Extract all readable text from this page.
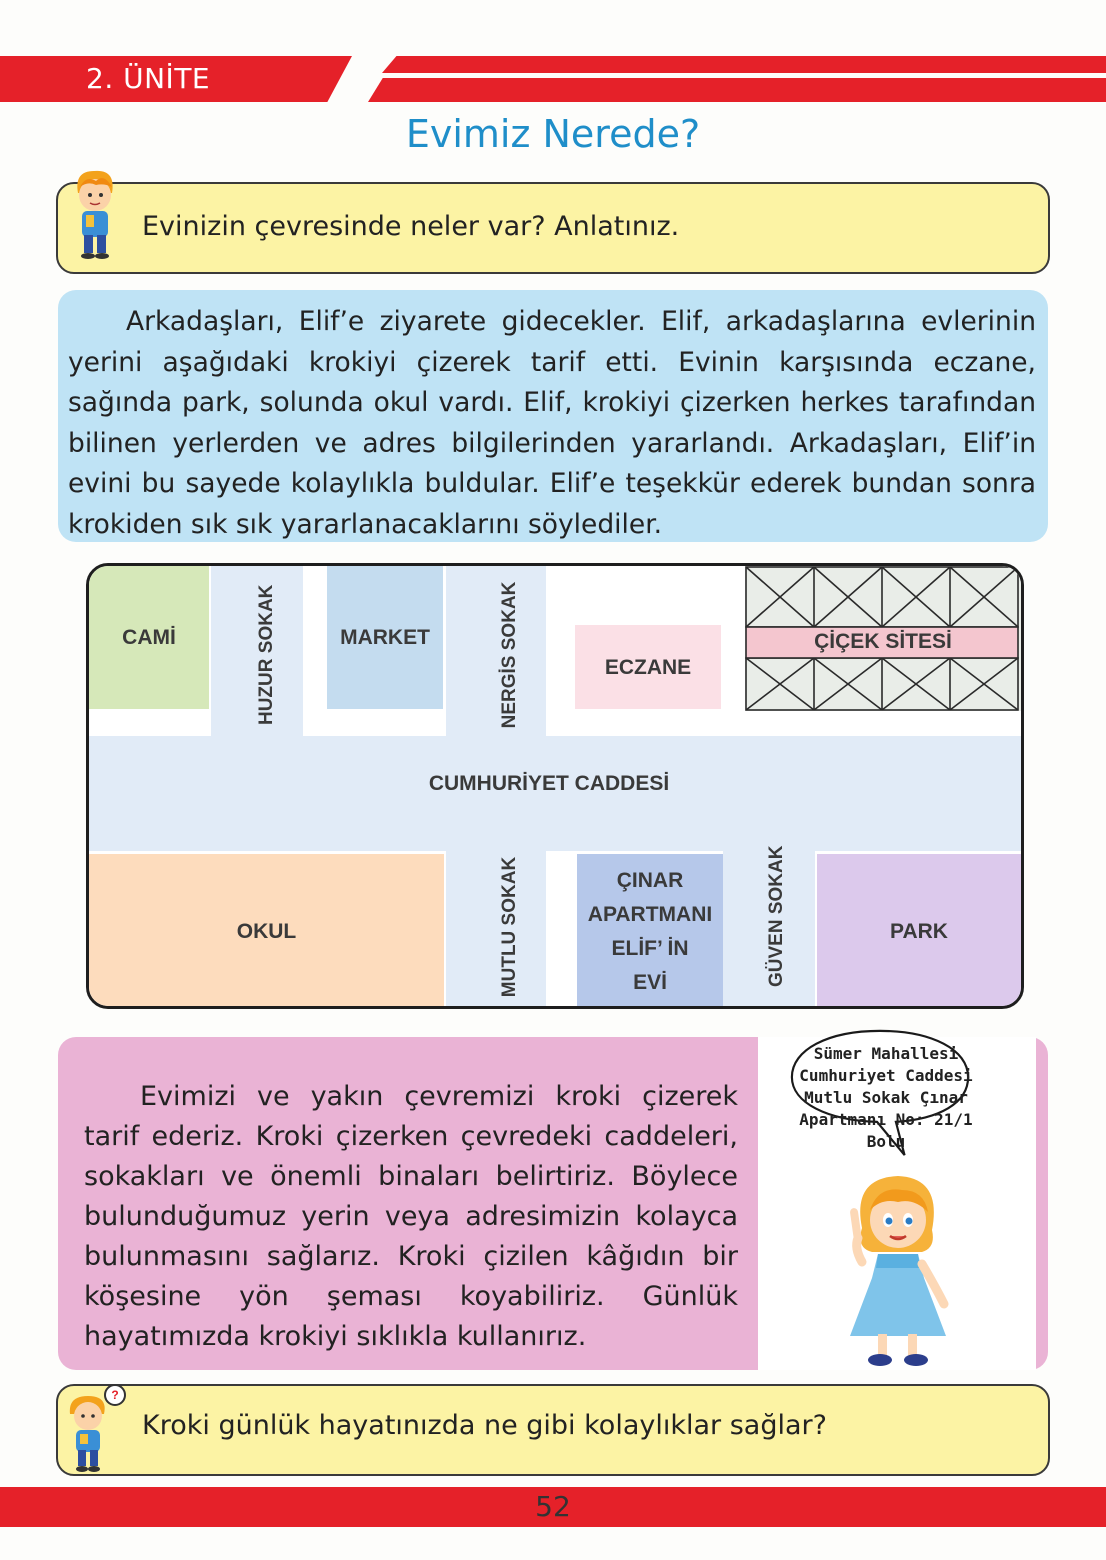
2. ÜNİTE
Evimiz Nerede?
Evinizin çevresinde neler var? Anlatınız.

Arkadaşları, Elif’e ziyarete gidecekler. Elif, arkadaşlarına evlerinin yerini aşağıdaki krokiyi çizerek tarif etti. Evinin karşısında eczane, sağında park, solunda okul vardı. Elif, krokiyi çizerken herkes tarafından bilinen yerlerden ve adres bilgilerinden yararlandı. Arkadaşları, Elif’in evini bu sayede kolaylıkla buldular. Elif’e teşekkür ederek bundan sonra krokiden sık sık yararlanacaklarını söylediler.

CAMİ	MARKET
ECZANE
ÇİÇEK SİTESİ
OKUL
ÇINAR
APARTMANI
ELİF’ İN
EVİ
PARK
CUMHURİYET CADDESİ
HUZUR SOKAK	NERGİS SOKAK
MUTLU SOKAK	GÜVEN SOKAK

Evimizi ve yakın çevremizi kroki çizerek tarif ederiz. Kroki çizerken çevredeki caddeleri, sokakları ve önemli binaları belirtiriz. Böylece bulunduğumuz yerin veya adresimizin kolayca bulunmasını sağlarız. Kroki çizilen kâğıdın bir köşesine yön şeması koyabiliriz. Günlük hayatımızda krokiyi sıklıkla kullanırız.

Sümer Mahallesi
Cumhuriyet Caddesi
Mutlu Sokak Çınar
Apartmanı No: 21/1
Bolu
?
Kroki günlük hayatınızda ne gibi kolaylıklar sağlar?
52
